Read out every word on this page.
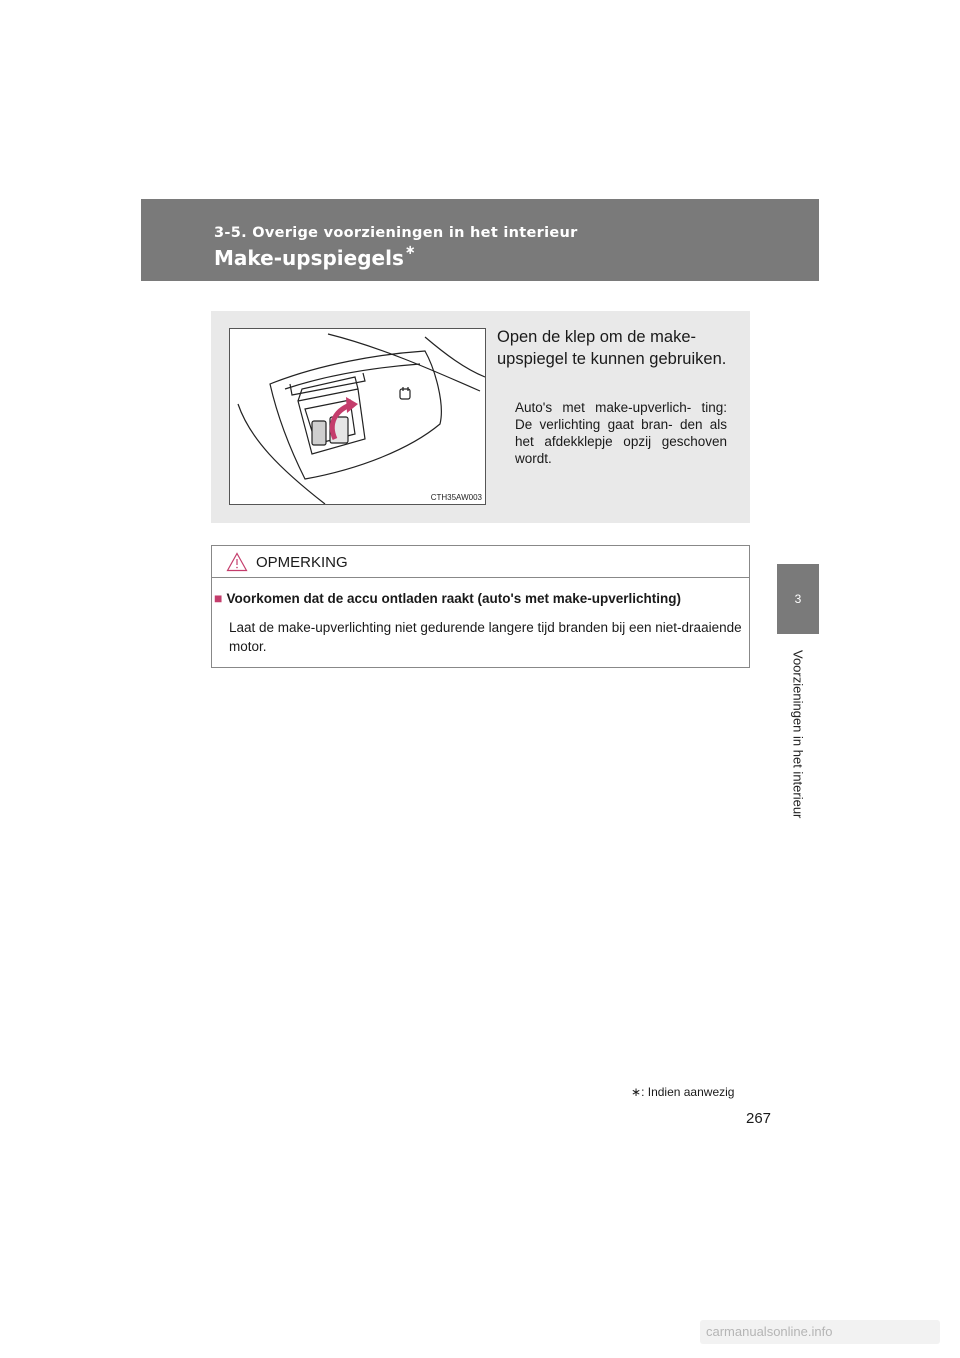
3-5. Overige voorzieningen in het interieur
Make-upspiegels∗
3
Voorzieningen in het interieur
CTH35AW003
Open de klep om de make-upspiegel te kunnen gebruiken.
Auto's met make-upverlich- ting: De verlichting gaat bran- den als het afdekklepje opzij geschoven wordt.
OPMERKING
■ Voorkomen dat de accu ontladen raakt (auto's met make-upverlichting)
Laat de make-upverlichting niet gedurende langere tijd branden bij een niet-draaiende motor.
∗: Indien aanwezig
267
carmanualsonline.info
